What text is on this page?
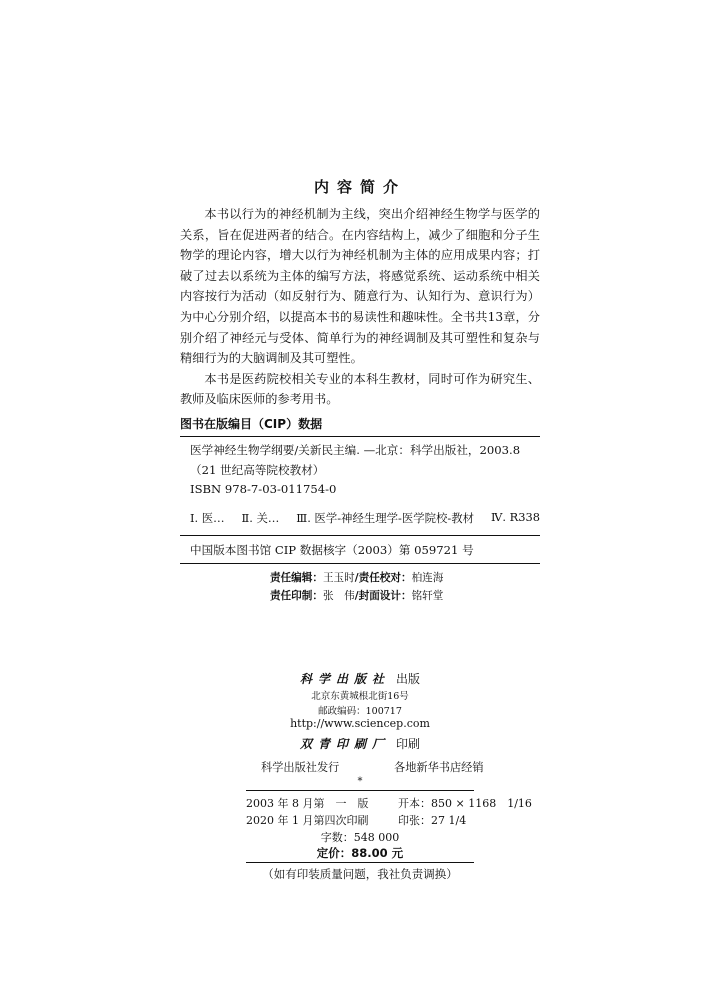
内容简介

本书以行为的神经机制为主线，突出介绍神经生物学与医学的关系，旨在促进两者的结合。在内容结构上，减少了细胞和分子生物学的理论内容，增大以行为神经机制为主体的应用成果内容；打破了过去以系统为主体的编写方法，将感觉系统、运动系统中相关内容按行为活动（如反射行为、随意行为、认知行为、意识行为）为中心分别介绍，以提高本书的易读性和趣味性。全书共13章，分别介绍了神经元与受体、简单行为的神经调制及其可塑性和复杂与精细行为的大脑调制及其可塑性。

本书是医药院校相关专业的本科生教材，同时可作为研究生、教师及临床医师的参考用书。

图书在版编目（CIP）数据
医学神经生物学纲要/关新民主编. —北京：科学出版社，2003.8
（21 世纪高等院校教材）
ISBN 978-7-03-011754-0
Ⅰ. 医… Ⅱ. 关… Ⅲ. 医学-神经生理学-医学院校-教材 Ⅳ. R338
中国版本图书馆 CIP 数据核字（2003）第 059721 号
责任编辑：王玉时/责任校对：柏连海
责任印制：张　伟/封面设计：铭轩堂
科学出版社 出版
北京东黄城根北街16号
邮政编码：100717
http://www.sciencep.com
双青印刷厂 印刷
科学出版社发行	各地新华书店经销
*
2003 年 8 月第　一　版	开本：850 × 1168　1/16
2020 年 1 月第四次印刷	印张：27 1/4
字数：548 000
定价：88.00 元
（如有印装质量问题，我社负责调换）
